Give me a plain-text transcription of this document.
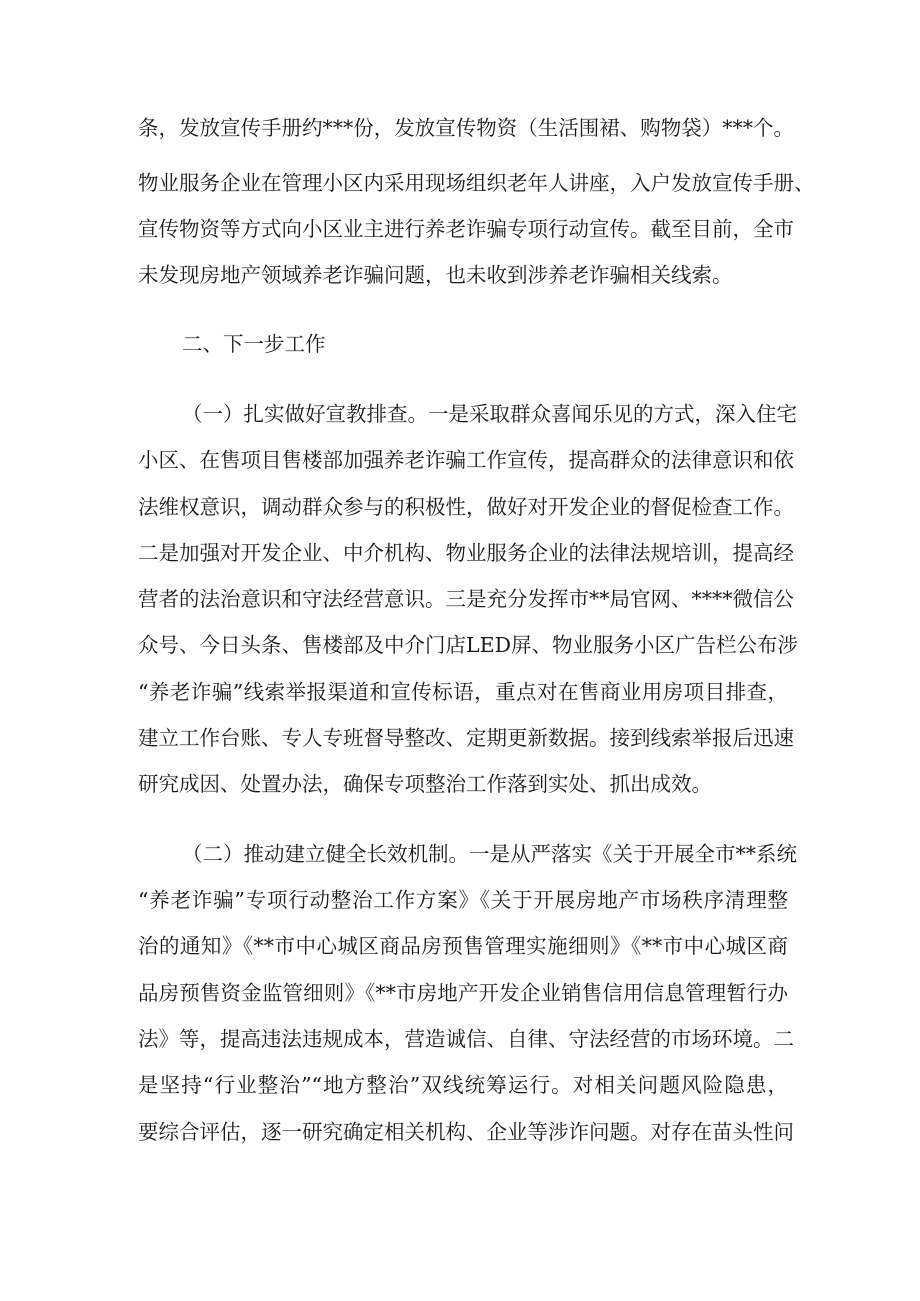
条，发放宣传手册约***份，发放宣传物资（生活围裙、购物袋）***个。
物业服务企业在管理小区内采用现场组织老年人讲座，入户发放宣传手册、
宣传物资等方式向小区业主进行养老诈骗专项行动宣传。截至目前，全市
未发现房地产领域养老诈骗问题，也未收到涉养老诈骗相关线索。
二、下一步工作
（一）扎实做好宣教排查。一是采取群众喜闻乐见的方式，深入住宅
小区、在售项目售楼部加强养老诈骗工作宣传，提高群众的法律意识和依
法维权意识，调动群众参与的积极性，做好对开发企业的督促检查工作。
二是加强对开发企业、中介机构、物业服务企业的法律法规培训，提高经
营者的法治意识和守法经营意识。三是充分发挥市**局官网、****微信公
众号、今日头条、售楼部及中介门店LED屏、物业服务小区广告栏公布涉
“养老诈骗”线索举报渠道和宣传标语，重点对在售商业用房项目排查，
建立工作台账、专人专班督导整改、定期更新数据。接到线索举报后迅速
研究成因、处置办法，确保专项整治工作落到实处、抓出成效。
（二）推动建立健全长效机制。一是从严落实《关于开展全市**系统
“养老诈骗”专项行动整治工作方案》《关于开展房地产市场秩序清理整
治的通知》《**市中心城区商品房预售管理实施细则》《**市中心城区商
品房预售资金监管细则》《**市房地产开发企业销售信用信息管理暂行办
法》等，提高违法违规成本，营造诚信、自律、守法经营的市场环境。二
是坚持“行业整治”“地方整治”双线统筹运行。对相关问题风险隐患，
要综合评估，逐一研究确定相关机构、企业等涉诈问题。对存在苗头性问
